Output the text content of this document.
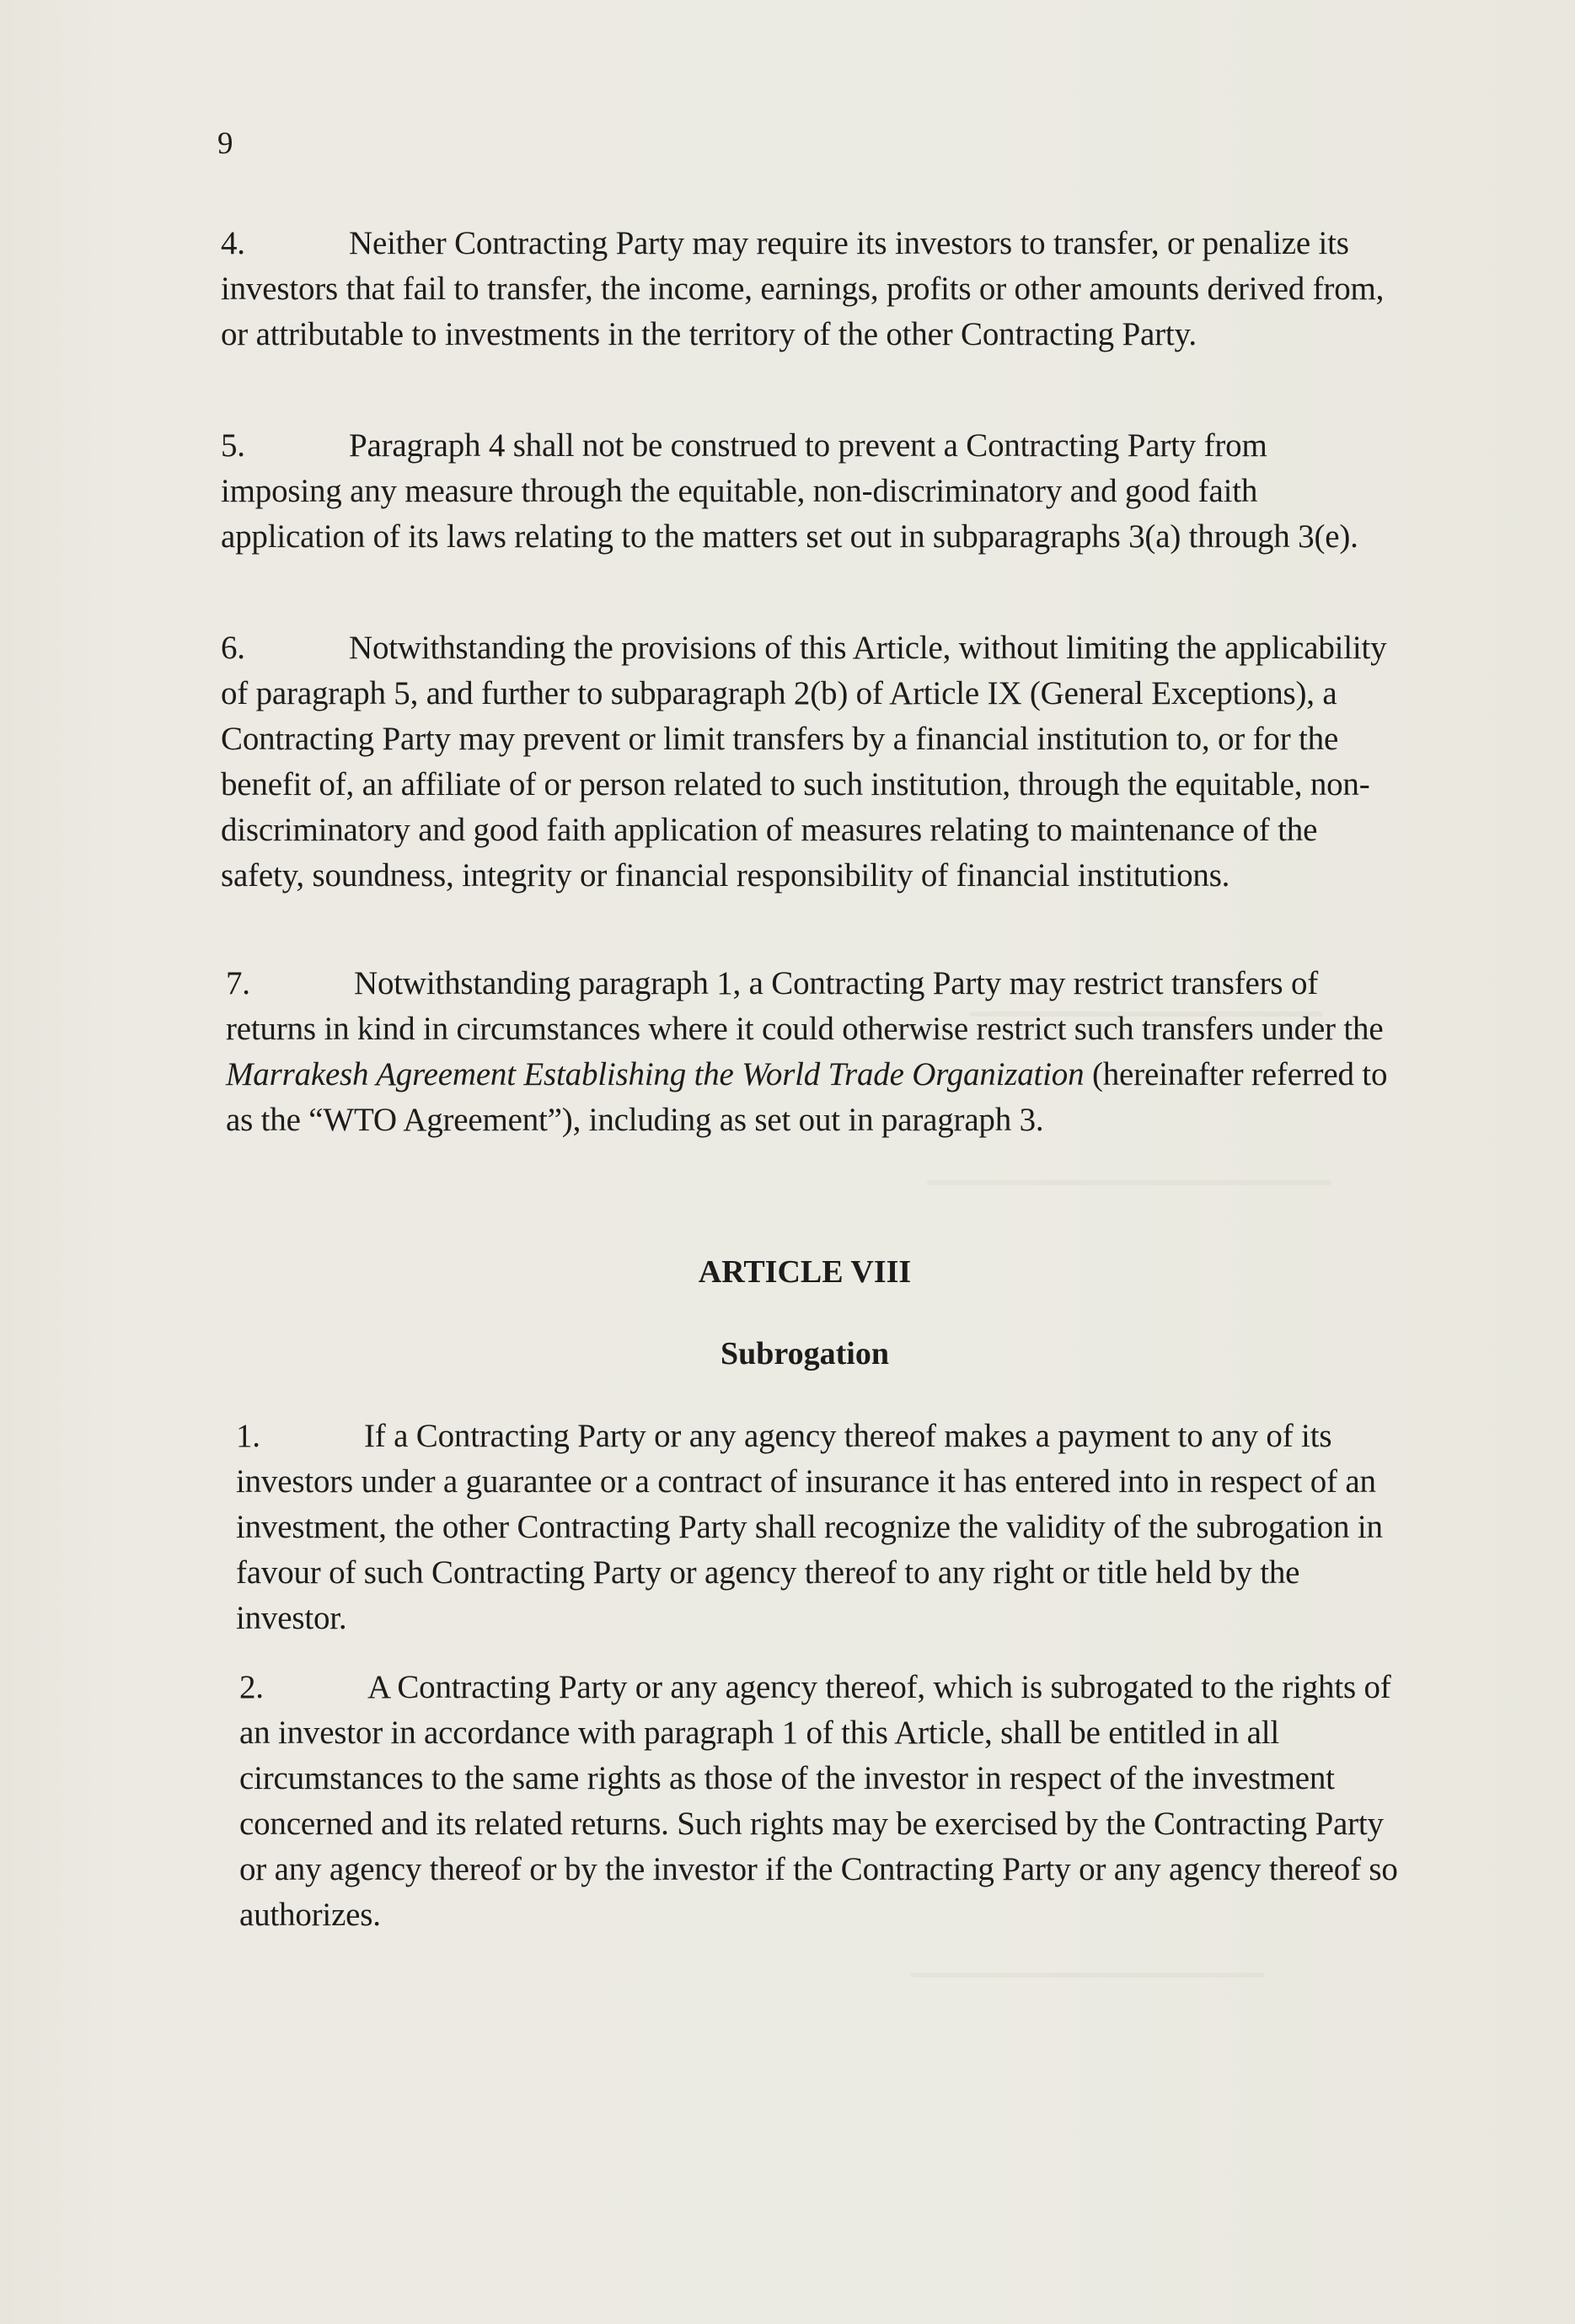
9

4.	Neither Contracting Party may require its investors to transfer, or penalize its investors that fail to transfer, the income, earnings, profits or other amounts derived from, or attributable to investments in the territory of the other Contracting Party.

5.	Paragraph 4 shall not be construed to prevent a Contracting Party from imposing any measure through the equitable, non-discriminatory and good faith application of its laws relating to the matters set out in subparagraphs 3(a) through 3(e).

6.	Notwithstanding the provisions of this Article, without limiting the applicability of paragraph 5, and further to subparagraph 2(b) of Article IX (General Exceptions), a Contracting Party may prevent or limit transfers by a financial institution to, or for the benefit of, an affiliate of or person related to such institution, through the equitable, non-discriminatory and good faith application of measures relating to maintenance of the safety, soundness, integrity or financial responsibility of financial institutions.

7.	Notwithstanding paragraph 1, a Contracting Party may restrict transfers of returns in kind in circumstances where it could otherwise restrict such transfers under the Marrakesh Agreement Establishing the World Trade Organization (hereinafter referred to as the “WTO Agreement”), including as set out in paragraph 3.

ARTICLE VIII
Subrogation

1.	If a Contracting Party or any agency thereof makes a payment to any of its investors under a guarantee or a contract of insurance it has entered into in respect of an investment, the other Contracting Party shall recognize the validity of the subrogation in favour of such Contracting Party or agency thereof to any right or title held by the investor.

2.	A Contracting Party or any agency thereof, which is subrogated to the rights of an investor in accordance with paragraph 1 of this Article, shall be entitled in all circumstances to the same rights as those of the investor in respect of the investment concerned and its related returns. Such rights may be exercised by the Contracting Party or any agency thereof or by the investor if the Contracting Party or any agency thereof so authorizes.
